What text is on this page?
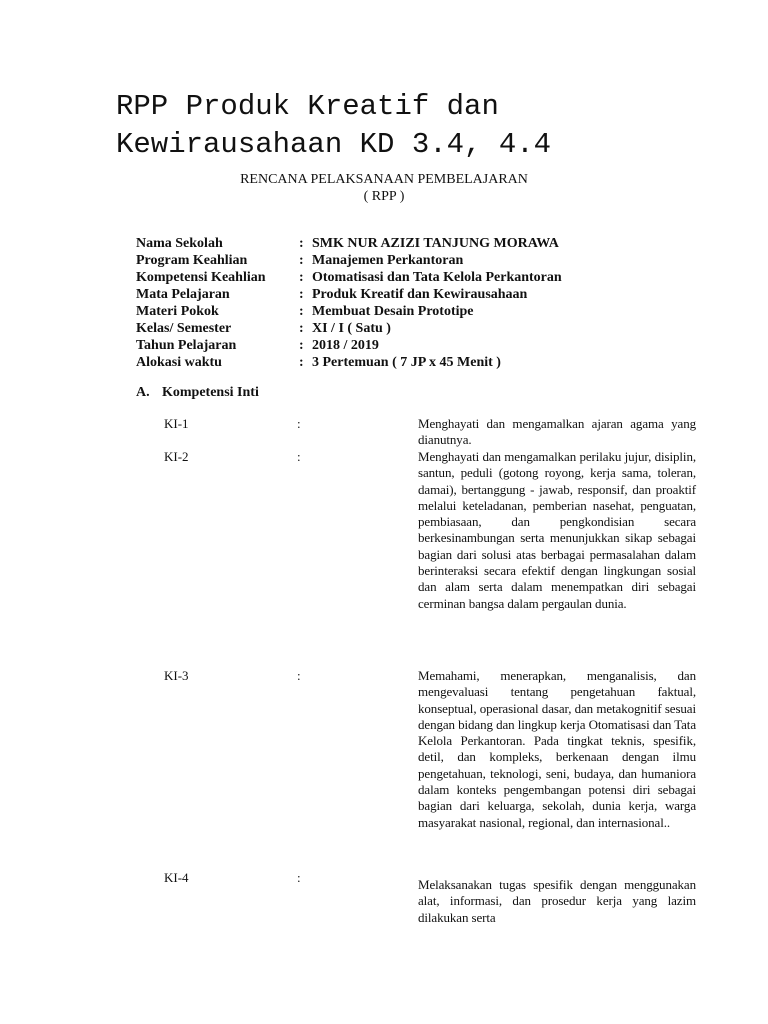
RPP Produk Kreatif dan Kewirausahaan KD 3.4, 4.4
RENCANA PELAKSANAAN PEMBELAJARAN
( RPP )
Nama Sekolah	: SMK NUR AZIZI TANJUNG MORAWA
Program Keahlian	: Manajemen Perkantoran
Kompetensi Keahlian : Otomatisasi dan Tata Kelola Perkantoran
Mata Pelajaran	: Produk Kreatif dan Kewirausahaan
Materi Pokok	: Membuat Desain Prototipe
Kelas/ Semester	: XI / I ( Satu )
Tahun Pelajaran	: 2018 / 2019
Alokasi waktu	: 3 Pertemuan ( 7 JP x 45 Menit )
A. Kompetensi Inti
KI-1	:	Menghayati dan mengamalkan ajaran agama yang dianutnya.
KI-2	:	Menghayati dan mengamalkan perilaku jujur, disiplin, santun, peduli (gotong royong, kerja sama, toleran, damai), bertanggung - jawab, responsif, dan proaktif melalui keteladanan, pemberian nasehat, penguatan, pembiasaan, dan pengkondisian secara berkesinambungan serta menunjukkan sikap sebagai bagian dari solusi atas berbagai permasalahan dalam berinteraksi secara efektif dengan lingkungan sosial dan alam serta dalam menempatkan diri sebagai cerminan bangsa dalam pergaulan dunia.
KI-3	:	Memahami, menerapkan, menganalisis, dan mengevaluasi tentang pengetahuan faktual, konseptual, operasional dasar, dan metakognitif sesuai dengan bidang dan lingkup kerja Otomatisasi dan Tata Kelola Perkantoran. Pada tingkat teknis, spesifik, detil, dan kompleks, berkenaan dengan ilmu pengetahuan, teknologi, seni, budaya, dan humaniora dalam konteks pengembangan potensi diri sebagai bagian dari keluarga, sekolah, dunia kerja, warga masyarakat nasional, regional, dan internasional..
KI-4	:	Melaksanakan tugas spesifik dengan menggunakan alat, informasi, dan prosedur kerja yang lazim dilakukan serta
